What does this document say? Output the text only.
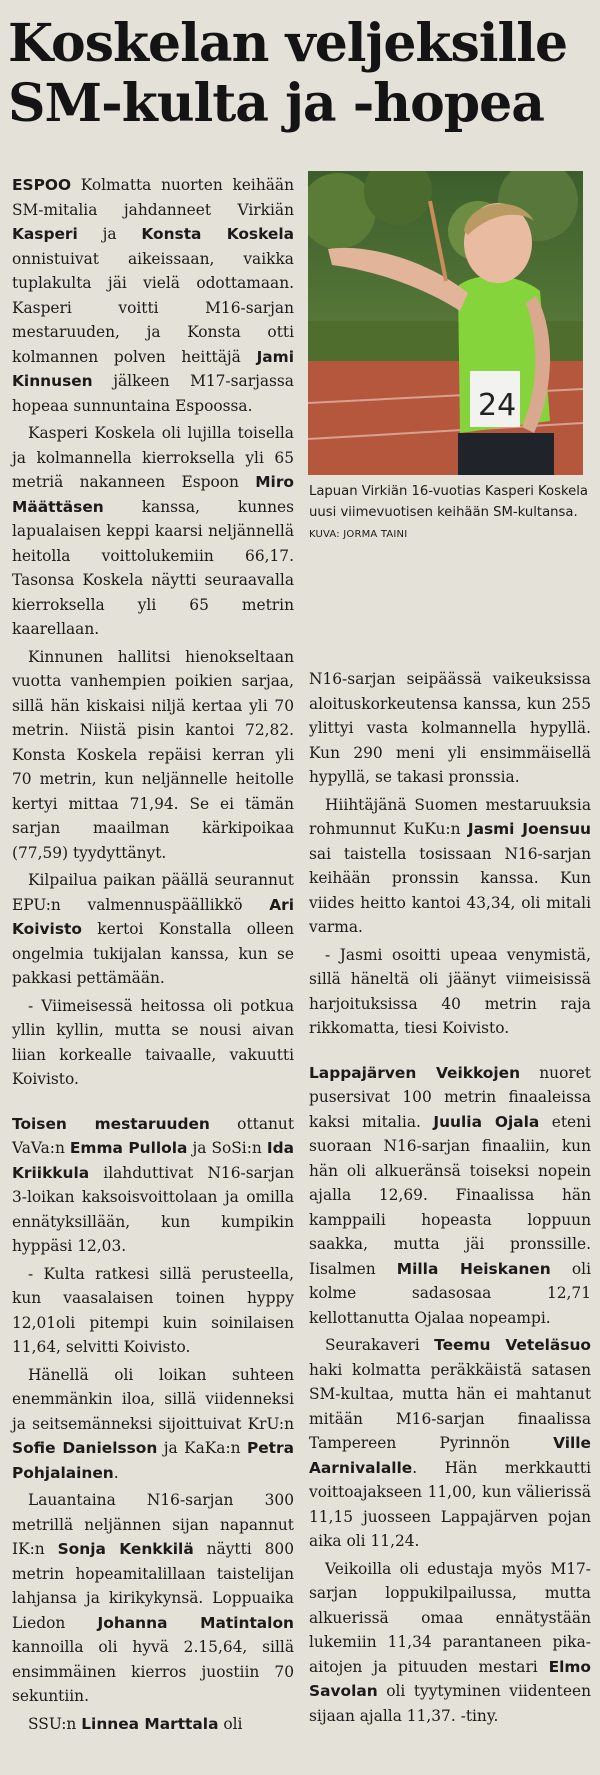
Koskelan veljeksille SM-kulta ja -hopea
24

Lapuan Virkiän 16-vuotias Kasperi Koskela uusi viimevuotisen keihään SM-kultansa. KUVA: JORMA TAINI

ESPOO Kolmatta nuorten keihään SM-mitalia jahdanneet Virkiän Kasperi ja Konsta Koskela onnistuivat aikeissaan, vaikka tuplakulta jäi vielä odottamaan. Kasperi voitti M16-sarjan mestaruuden, ja Konsta otti kolmannen polven heittäjä Jami Kinnusen jälkeen M17-sarjassa hopeaa sunnuntaina Espoossa.

Kasperi Koskela oli lujilla toisella ja kolmannella kierroksella yli 65 metriä nakanneen Espoon Miro Määttäsen kanssa, kunnes lapualaisen keppi kaarsi neljännellä heitolla voittolukemiin 66,17. Tasonsa Koskela näytti seuraavalla kierroksella yli 65 metrin kaarellaan.

Kinnunen hallitsi hienokseltaan vuotta vanhempien poikien sarjaa, sillä hän kiskaisi niljä kertaa yli 70 metrin. Niistä pisin kantoi 72,82. Konsta Koskela repäisi kerran yli 70 metrin, kun neljännelle heitolle kertyi mittaa 71,94. Se ei tämän sarjan maailman kärkipoikaa (77,59) tyydyttänyt.

Kilpailua paikan päällä seurannut EPU:n valmennuspäällikkö Ari Koivisto kertoi Konstalla olleen ongelmia tukijalan kanssa, kun se pakkasi pettämään.

- Viimeisessä heitossa oli potkua yllin kyllin, mutta se nousi aivan liian korkealle taivaalle, vakuutti Koivisto.

Toisen mestaruuden ottanut VaVa:n Emma Pullola ja SoSi:n Ida Kriikkula ilahduttivat N16-sarjan 3-loikan kaksoisvoittolaan ja omilla ennätyksillään, kun kumpikin hyppäsi 12,03.

- Kulta ratkesi sillä perusteella, kun vaasalaisen toinen hyppy 12,01oli pitempi kuin soinilaisen 11,64, selvitti Koivisto.

Hänellä oli loikan suhteen enemmänkin iloa, sillä viidenneksi ja seitsemänneksi sijoittuivat KrU:n Sofie Danielsson ja KaKa:n Petra Pohjalainen.

Lauantaina N16-sarjan 300 metrillä neljännen sijan napannut IK:n Sonja Kenkkilä näytti 800 metrin hopeamitalillaan taistelijan lahjansa ja kirikykynsä. Loppuaika Liedon Johanna Matintalon kannoilla oli hyvä 2.15,64, sillä ensimmäinen kierros juostiin 70 sekuntiin.

SSU:n Linnea Marttala oli

N16-sarjan seipäässä vaikeuksissa aloituskorkeutensa kanssa, kun 255 ylittyi vasta kolmannella hypyllä. Kun 290 meni yli ensimmäisellä hypyllä, se takasi pronssia.

Hiihtäjänä Suomen mestaruuksia rohmunnut KuKu:n Jasmi Joensuu sai taistella tosissaan N16-sarjan keihään pronssin kanssa. Kun viides heitto kantoi 43,34, oli mitali varma.

- Jasmi osoitti upeaa venymistä, sillä häneltä oli jäänyt viimeisissä harjoituksissa 40 metrin raja rikkomatta, tiesi Koivisto.

Lappajärven Veikkojen nuoret pusersivat 100 metrin finaaleissa kaksi mitalia. Juulia Ojala eteni suoraan N16-sarjan finaaliin, kun hän oli alkueränsä toiseksi nopein ajalla 12,69. Finaalissa hän kamppaili hopeasta loppuun saakka, mutta jäi pronssille. Iisalmen Milla Heiskanen oli kolme sadasosaa 12,71 kellottanutta Ojalaa nopeampi.

Seurakaveri Teemu Veteläsuo haki kolmatta peräkkäistä satasen SM-kultaa, mutta hän ei mahtanut mitään M16-sarjan finaalissa Tampereen Pyrinnön Ville Aarnivalalle. Hän merkkautti voittoajakseen 11,00, kun välierissä 11,15 juosseen Lappajärven pojan aika oli 11,24.

Veikoilla oli edustaja myös M17-sarjan loppukilpailussa, mutta alkuerissä omaa ennätystään lukemiin 11,34 parantaneen pika-aitojen ja pituuden mestari Elmo Savolan oli tyytyminen viidenteen sijaan ajalla 11,37. -tiny.
